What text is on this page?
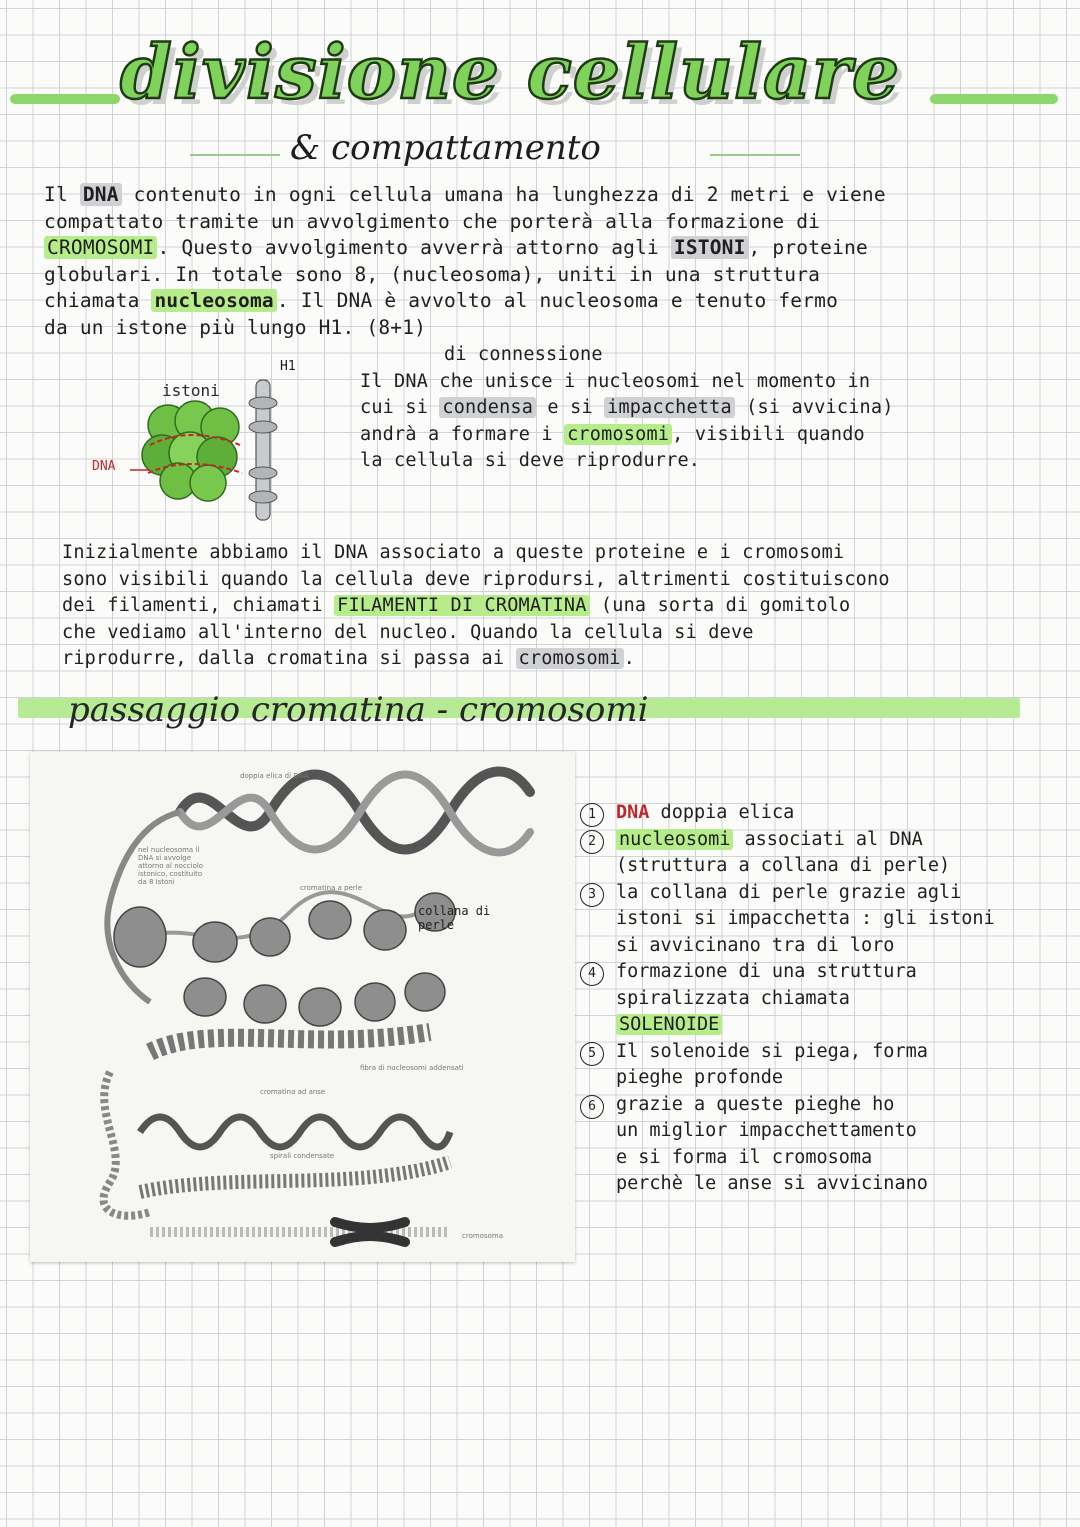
divisione cellulare
& compattamento

Il DNA contenuto in ogni cellula umana ha lunghezza di 2 metri e viene

compattato tramite un avvolgimento che porterà alla formazione di

CROMOSOMI . Questo avvolgimento avverrà attorno agli ISTONI , proteine

globulari. In totale sono 8, (nucleosoma), uniti in una struttura

chiamata nucleosoma . Il DNA è avvolto al nucleosoma e tenuto fermo

da un istone più lungo H1. (8+1)

istoni
H1
DNA

di connessione

Il DNA che unisce i nucleosomi nel momento in

cui si condensa e si impacchetta (si avvicina)

andrà a formare i cromosomi , visibili quando

la cellula si deve riprodurre.

Inizialmente abbiamo il DNA associato a queste proteine e i cromosomi

sono visibili quando la cellula deve riprodursi, altrimenti costituiscono

dei filamenti, chiamati FILAMENTI DI CROMATINA (una sorta di gomitolo

che vediamo all'interno del nucleo. Quando la cellula si deve

riprodurre, dalla cromatina si passa ai cromosomi .

passaggio cromatina - cromosomi
doppia elica di DNA
nel nucleosoma il DNA si avvolge attorno al nocciolo istonico, costituito da 8 istoni
cromatina a perle
collana di perle
fibra di nucleosomi addensati
cromatina ad anse
spirali condensate
cromosoma
1	DNA doppia elica

2	nucleosomi associati al DNA

(struttura a collana di perle)

3	la collana di perle grazie agli

istoni si impacchetta : gli istoni

si avvicinano tra di loro

4	formazione di una struttura

spiralizzata chiamata

SOLENOIDE

5	Il solenoide si piega, forma

pieghe profonde

6	grazie a queste pieghe ho

un miglior impacchettamento

e si forma il cromosoma

perchè le anse si avvicinano
